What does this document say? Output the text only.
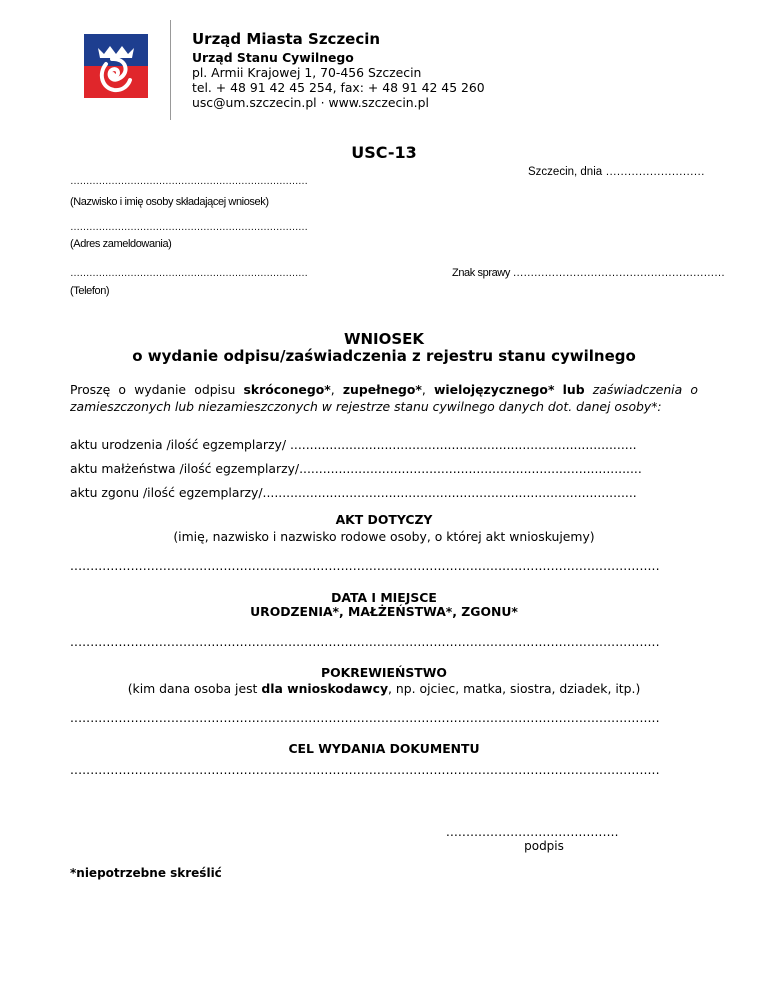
Urząd Miasta Szczecin
Urząd Stanu Cywilnego
pl. Armii Krajowej 1, 70-456 Szczecin
tel. + 48 91 42 45 254, fax: + 48 91 42 45 260
usc@um.szczecin.pl · www.szczecin.pl
USC-13
Szczecin, dnia ………………………
…………………………………………………………………
(Nazwisko i imię osoby składającej wniosek)
…………………………………………………………………
(Adres zameldowania)
…………………………………………………………………
(Telefon)
Znak sprawy ……………………………………………………
WNIOSEK
o wydanie odpisu/zaświadczenia z rejestru stanu cywilnego
Proszę o wydanie odpisu skróconego*, zupełnego*, wielojęzycznego* lub zaświadczenia o zamieszczonych lub niezamieszczonych w rejestrze stanu cywilnego danych dot. danej osoby*:
aktu urodzenia /ilość egzemplarzy/ ........................................................................................
aktu małżeństwa /ilość egzemplarzy/.......................................................................................
aktu zgonu /ilość egzemplarzy/...............................................................................................
AKT DOTYCZY
(imię, nazwisko i nazwisko rodowe osoby, o której akt wnioskujemy)
..................................................................................................................................................
DATA I MIEJSCE
URODZENIA*, MAŁŻEŃSTWA*, ZGONU*
..................................................................................................................................................
POKREWIEŃSTWO
(kim dana osoba jest dla wnioskodawcy, np. ojciec, matka, siostra, dziadek, itp.)
..................................................................................................................................................
CEL WYDANIA DOKUMENTU
..................................................................................................................................................
...........................................
podpis
*niepotrzebne skreślić
